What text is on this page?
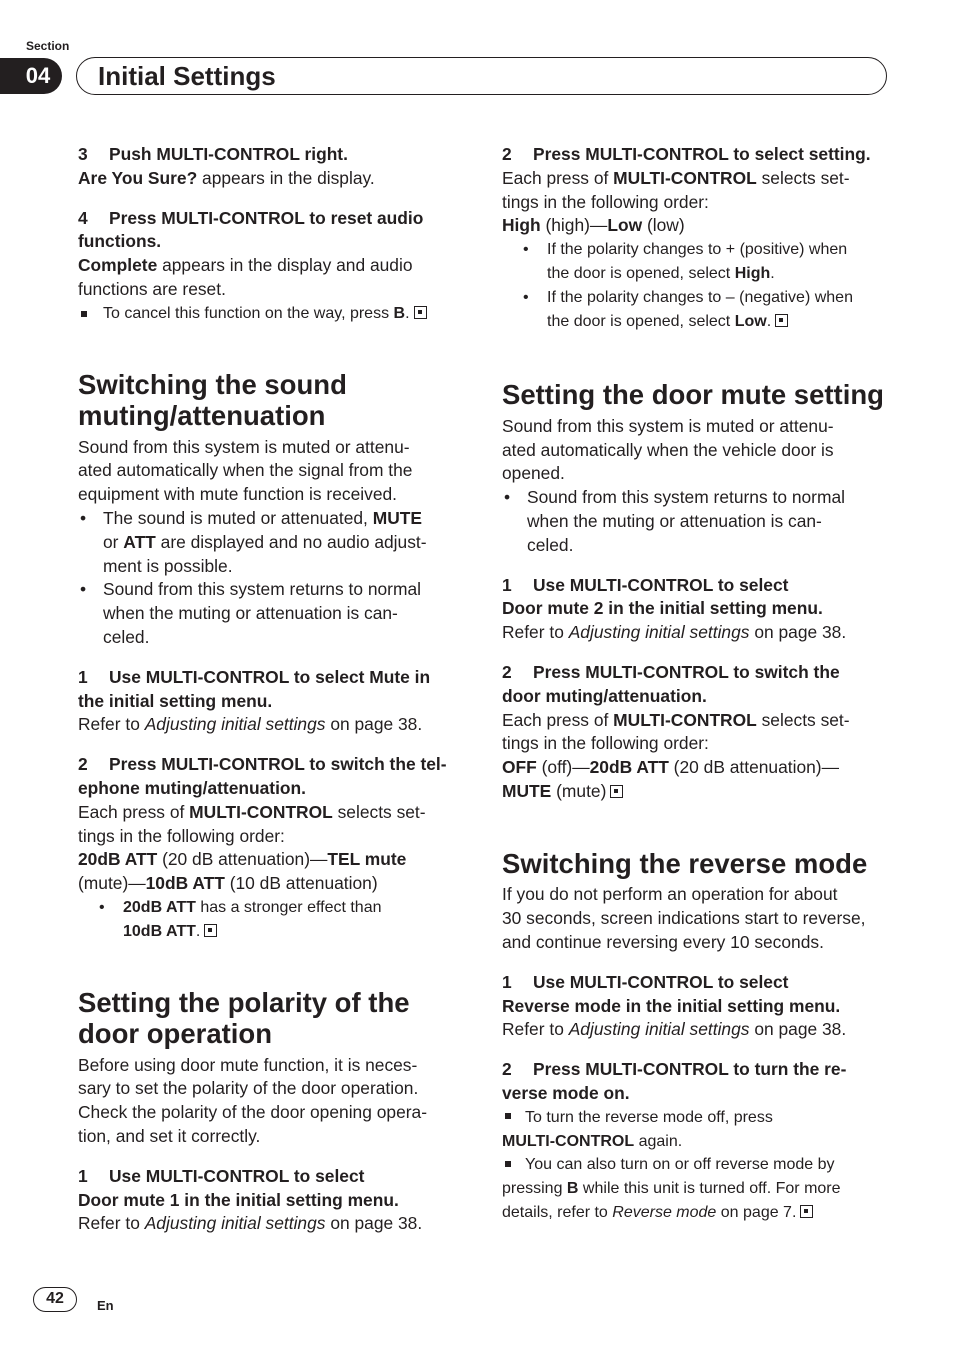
Section
04	Initial Settings

3 Push MULTI-CONTROL right.

Are You Sure? appears in the display.

4 Press MULTI-CONTROL to reset audio
functions.

Complete appears in the display and audio
functions are reset.

To cancel this function on the way, press B.

Switching the sound
muting/attenuation

Sound from this system is muted or attenu-
ated automatically when the signal from the
equipment with mute function is received.

• The sound is muted or attenuated, MUTE
or ATT are displayed and no audio adjust-
ment is possible.

• Sound from this system returns to normal
when the muting or attenuation is can-
celed.

1 Use MULTI-CONTROL to select Mute in
the initial setting menu.

Refer to Adjusting initial settings on page 38.

2 Press MULTI-CONTROL to switch the tel-
ephone muting/attenuation.

Each press of MULTI-CONTROL selects set-
tings in the following order:
20dB ATT (20 dB attenuation)—TEL mute
(mute)—10dB ATT (10 dB attenuation)

• 20dB ATT has a stronger effect than
10dB ATT.

Setting the polarity of the
door operation

Before using door mute function, it is neces-
sary to set the polarity of the door operation.
Check the polarity of the door opening opera-
tion, and set it correctly.

1 Use MULTI-CONTROL to select
Door mute 1 in the initial setting menu.

Refer to Adjusting initial settings on page 38.

2 Press MULTI-CONTROL to select setting.

Each press of MULTI-CONTROL selects set-
tings in the following order:
High (high)—Low (low)

• If the polarity changes to + (positive) when
the door is opened, select High.

• If the polarity changes to – (negative) when
the door is opened, select Low.

Setting the door mute setting

Sound from this system is muted or attenu-
ated automatically when the vehicle door is
opened.

• Sound from this system returns to normal
when the muting or attenuation is can-
celed.

1 Use MULTI-CONTROL to select
Door mute 2 in the initial setting menu.

Refer to Adjusting initial settings on page 38.

2 Press MULTI-CONTROL to switch the
door muting/attenuation.

Each press of MULTI-CONTROL selects set-
tings in the following order:
OFF (off)—20dB ATT (20 dB attenuation)—
MUTE (mute)

Switching the reverse mode

If you do not perform an operation for about
30 seconds, screen indications start to reverse,
and continue reversing every 10 seconds.

1 Use MULTI-CONTROL to select
Reverse mode in the initial setting menu.

Refer to Adjusting initial settings on page 38.

2 Press MULTI-CONTROL to turn the re-
verse mode on.

To turn the reverse mode off, press
MULTI-CONTROL again.

You can also turn on or off reverse mode by
pressing B while this unit is turned off. For more
details, refer to Reverse mode on page 7.

42	En
